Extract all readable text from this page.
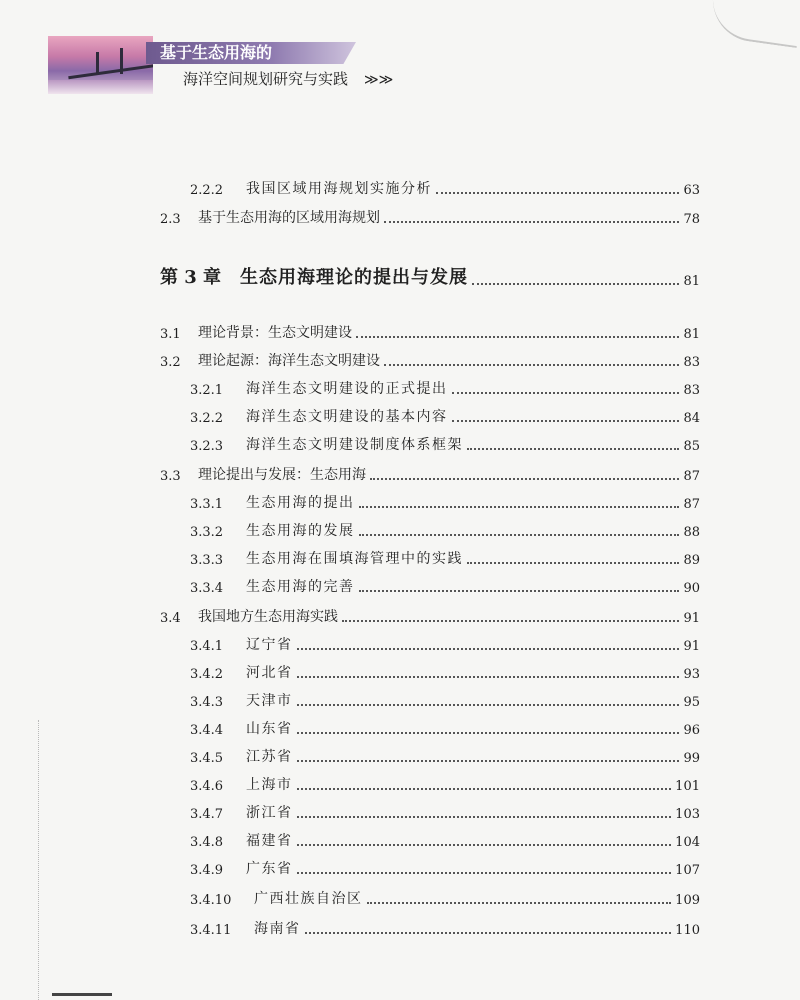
基于生态用海的
海洋空间规划研究与实践 ≫≫
2.2.2	我国区域用海规划实施分析	63
2.3	基于生态用海的区域用海规划	78
第 3 章	生态用海理论的提出与发展	81
3.1	理论背景：生态文明建设	81
3.2	理论起源：海洋生态文明建设	83
3.2.1	海洋生态文明建设的正式提出	83
3.2.2	海洋生态文明建设的基本内容	84
3.2.3	海洋生态文明建设制度体系框架	85
3.3	理论提出与发展：生态用海	87
3.3.1	生态用海的提出	87
3.3.2	生态用海的发展	88
3.3.3	生态用海在围填海管理中的实践	89
3.3.4	生态用海的完善	90
3.4	我国地方生态用海实践	91
3.4.1	辽宁省	91
3.4.2	河北省	93
3.4.3	天津市	95
3.4.4	山东省	96
3.4.5	江苏省	99
3.4.6	上海市	101
3.4.7	浙江省	103
3.4.8	福建省	104
3.4.9	广东省	107
3.4.10	广西壮族自治区	109
3.4.11	海南省	110
